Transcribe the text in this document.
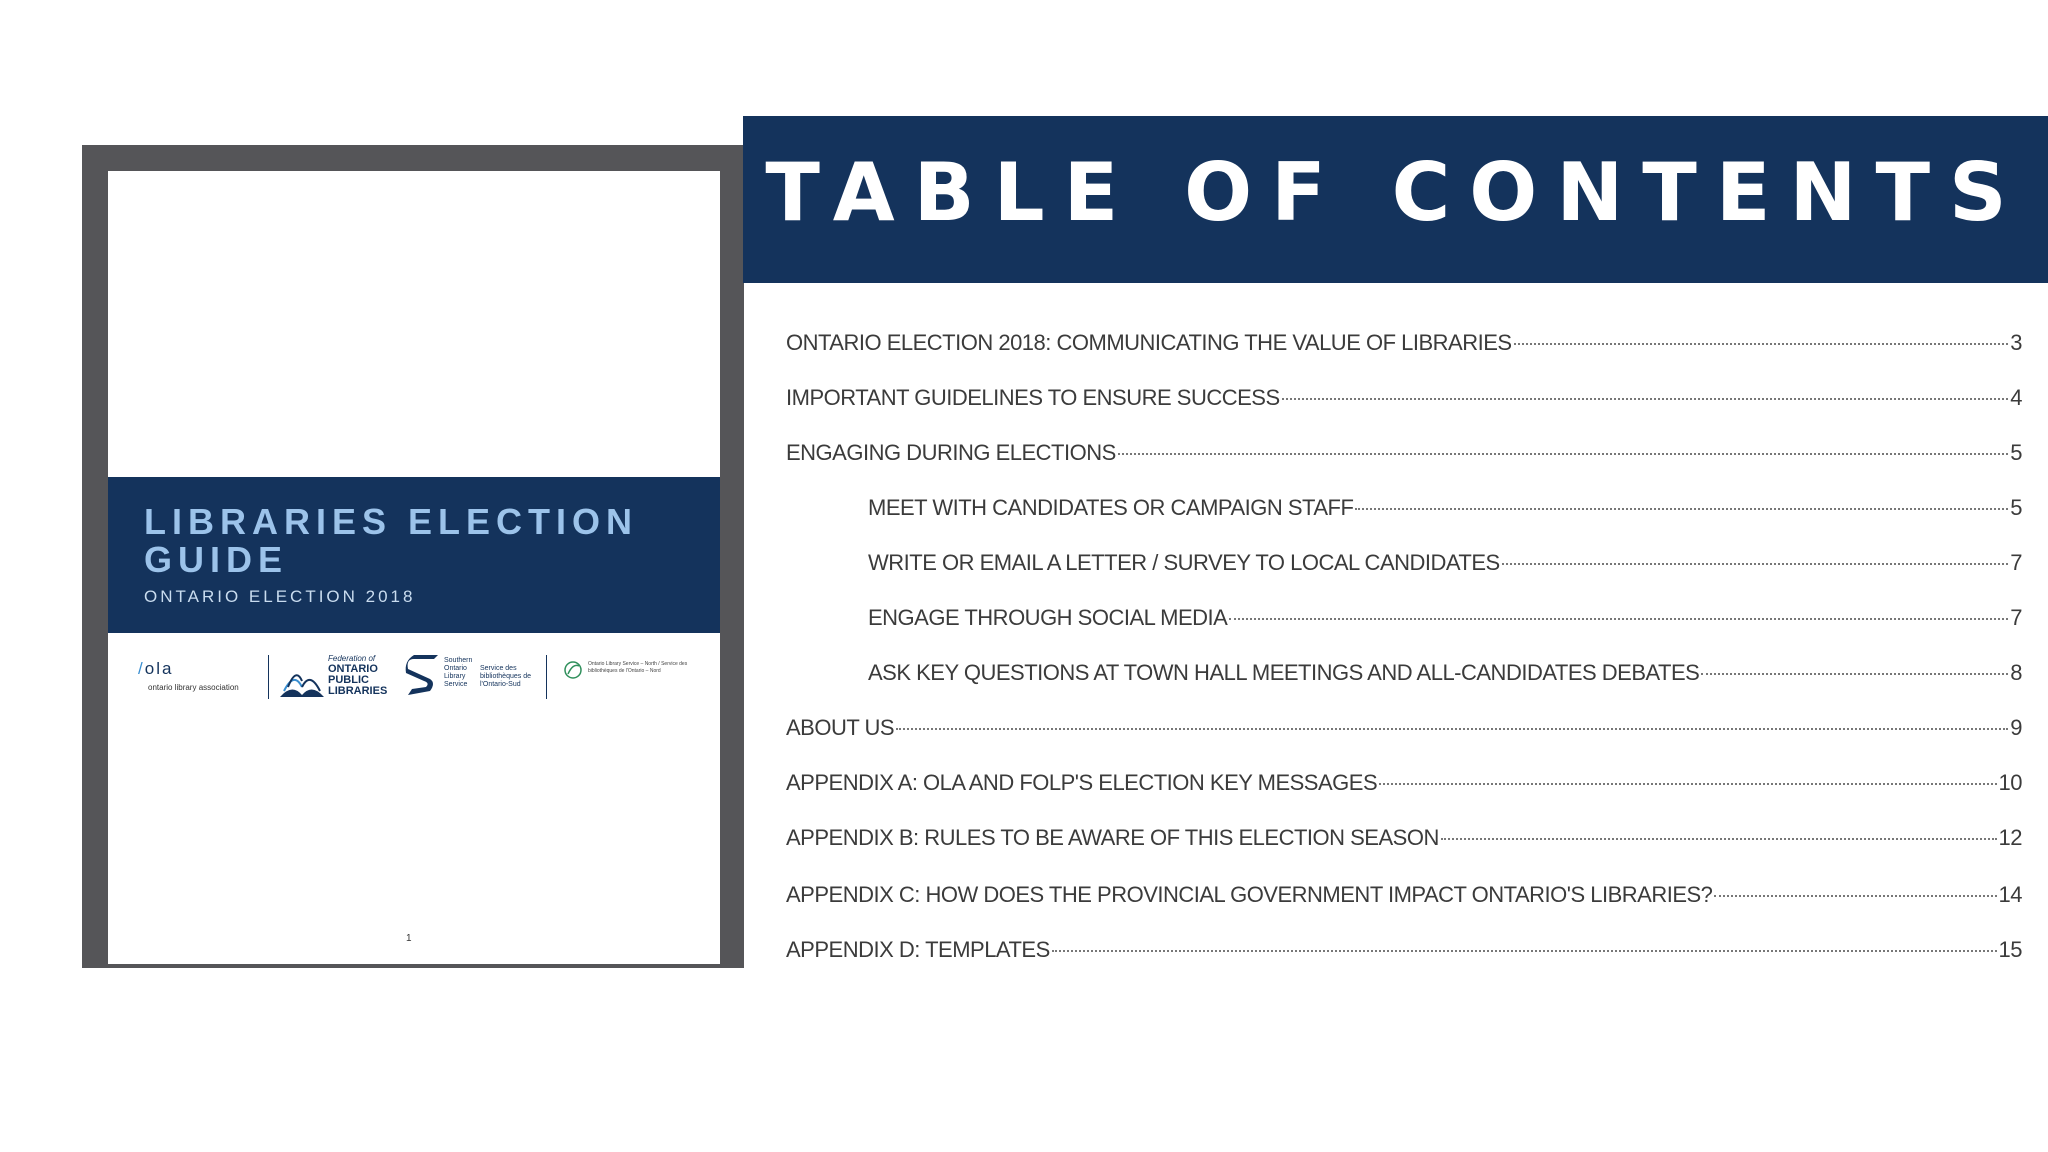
LIBRARIES ELECTION GUIDE
ONTARIO ELECTION 2018
/ola
ontario library association
Federation of
ONTARIO
PUBLIC
LIBRARIES
Southern Ontario Library Service
Service des bibliothèques de l'Ontario-Sud
Ontario Library Service – North / Service des bibliothèques de l'Ontario – Nord
1
TABLE OF CONTENTS
ONTARIO ELECTION 2018: COMMUNICATING THE VALUE OF LIBRARIES	3
IMPORTANT GUIDELINES TO ENSURE SUCCESS	4
ENGAGING DURING ELECTIONS	5
MEET WITH CANDIDATES OR CAMPAIGN STAFF	5
WRITE OR EMAIL A LETTER / SURVEY TO LOCAL CANDIDATES	7
ENGAGE THROUGH SOCIAL MEDIA	7
ASK KEY QUESTIONS AT TOWN HALL MEETINGS AND ALL-CANDIDATES DEBATES	8
ABOUT US	9
APPENDIX A: OLA AND FOLP'S ELECTION KEY MESSAGES	10
APPENDIX B: RULES TO BE AWARE OF THIS ELECTION SEASON	12
APPENDIX C: HOW DOES THE PROVINCIAL GOVERNMENT IMPACT ONTARIO'S LIBRARIES?	14
APPENDIX D: TEMPLATES	15
